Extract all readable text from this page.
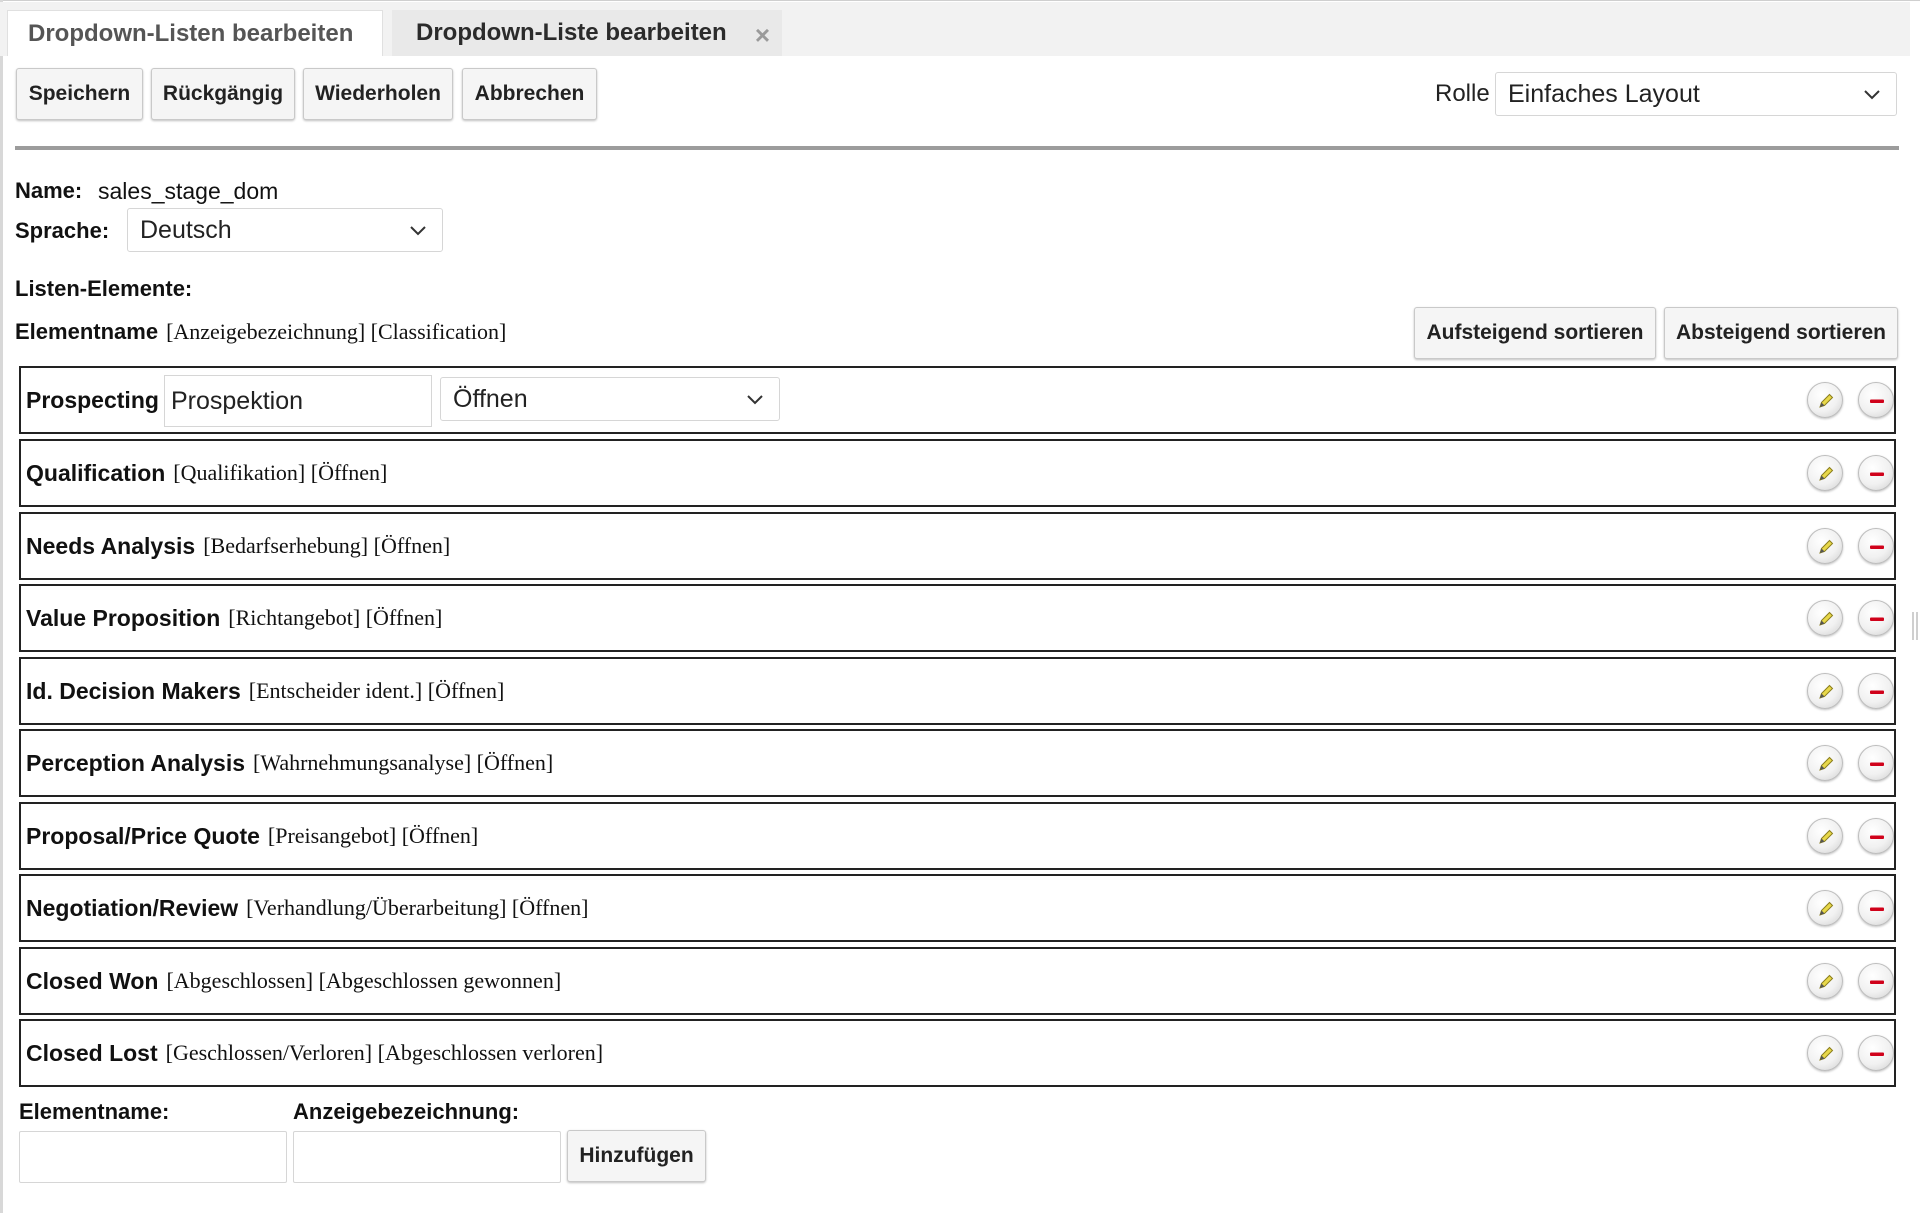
Dropdown-Listen bearbeiten	Dropdown-Liste bearbeiten ×
Speichern	Rückgängig	Wiederholen	Abbrechen	Rolle Einfaches Layout
Name: sales_stage_dom
Sprache: Deutsch
Listen-Elemente:
Elementname [Anzeigebezeichnung] [Classification]	Aufsteigend sortieren	Absteigend sortieren
Prospecting Prospektion	Öffnen
Qualification [Qualifikation] [Öffnen]
Needs Analysis [Bedarfserhebung] [Öffnen]
Value Proposition [Richtangebot] [Öffnen]
Id. Decision Makers [Entscheider ident.] [Öffnen]
Perception Analysis [Wahrnehmungsanalyse] [Öffnen]
Proposal/Price Quote [Preisangebot] [Öffnen]
Negotiation/Review [Verhandlung/Überarbeitung] [Öffnen]
Closed Won [Abgeschlossen] [Abgeschlossen gewonnen]
Closed Lost [Geschlossen/Verloren] [Abgeschlossen verloren]
Elementname:	Anzeigebezeichnung:
Hinzufügen
